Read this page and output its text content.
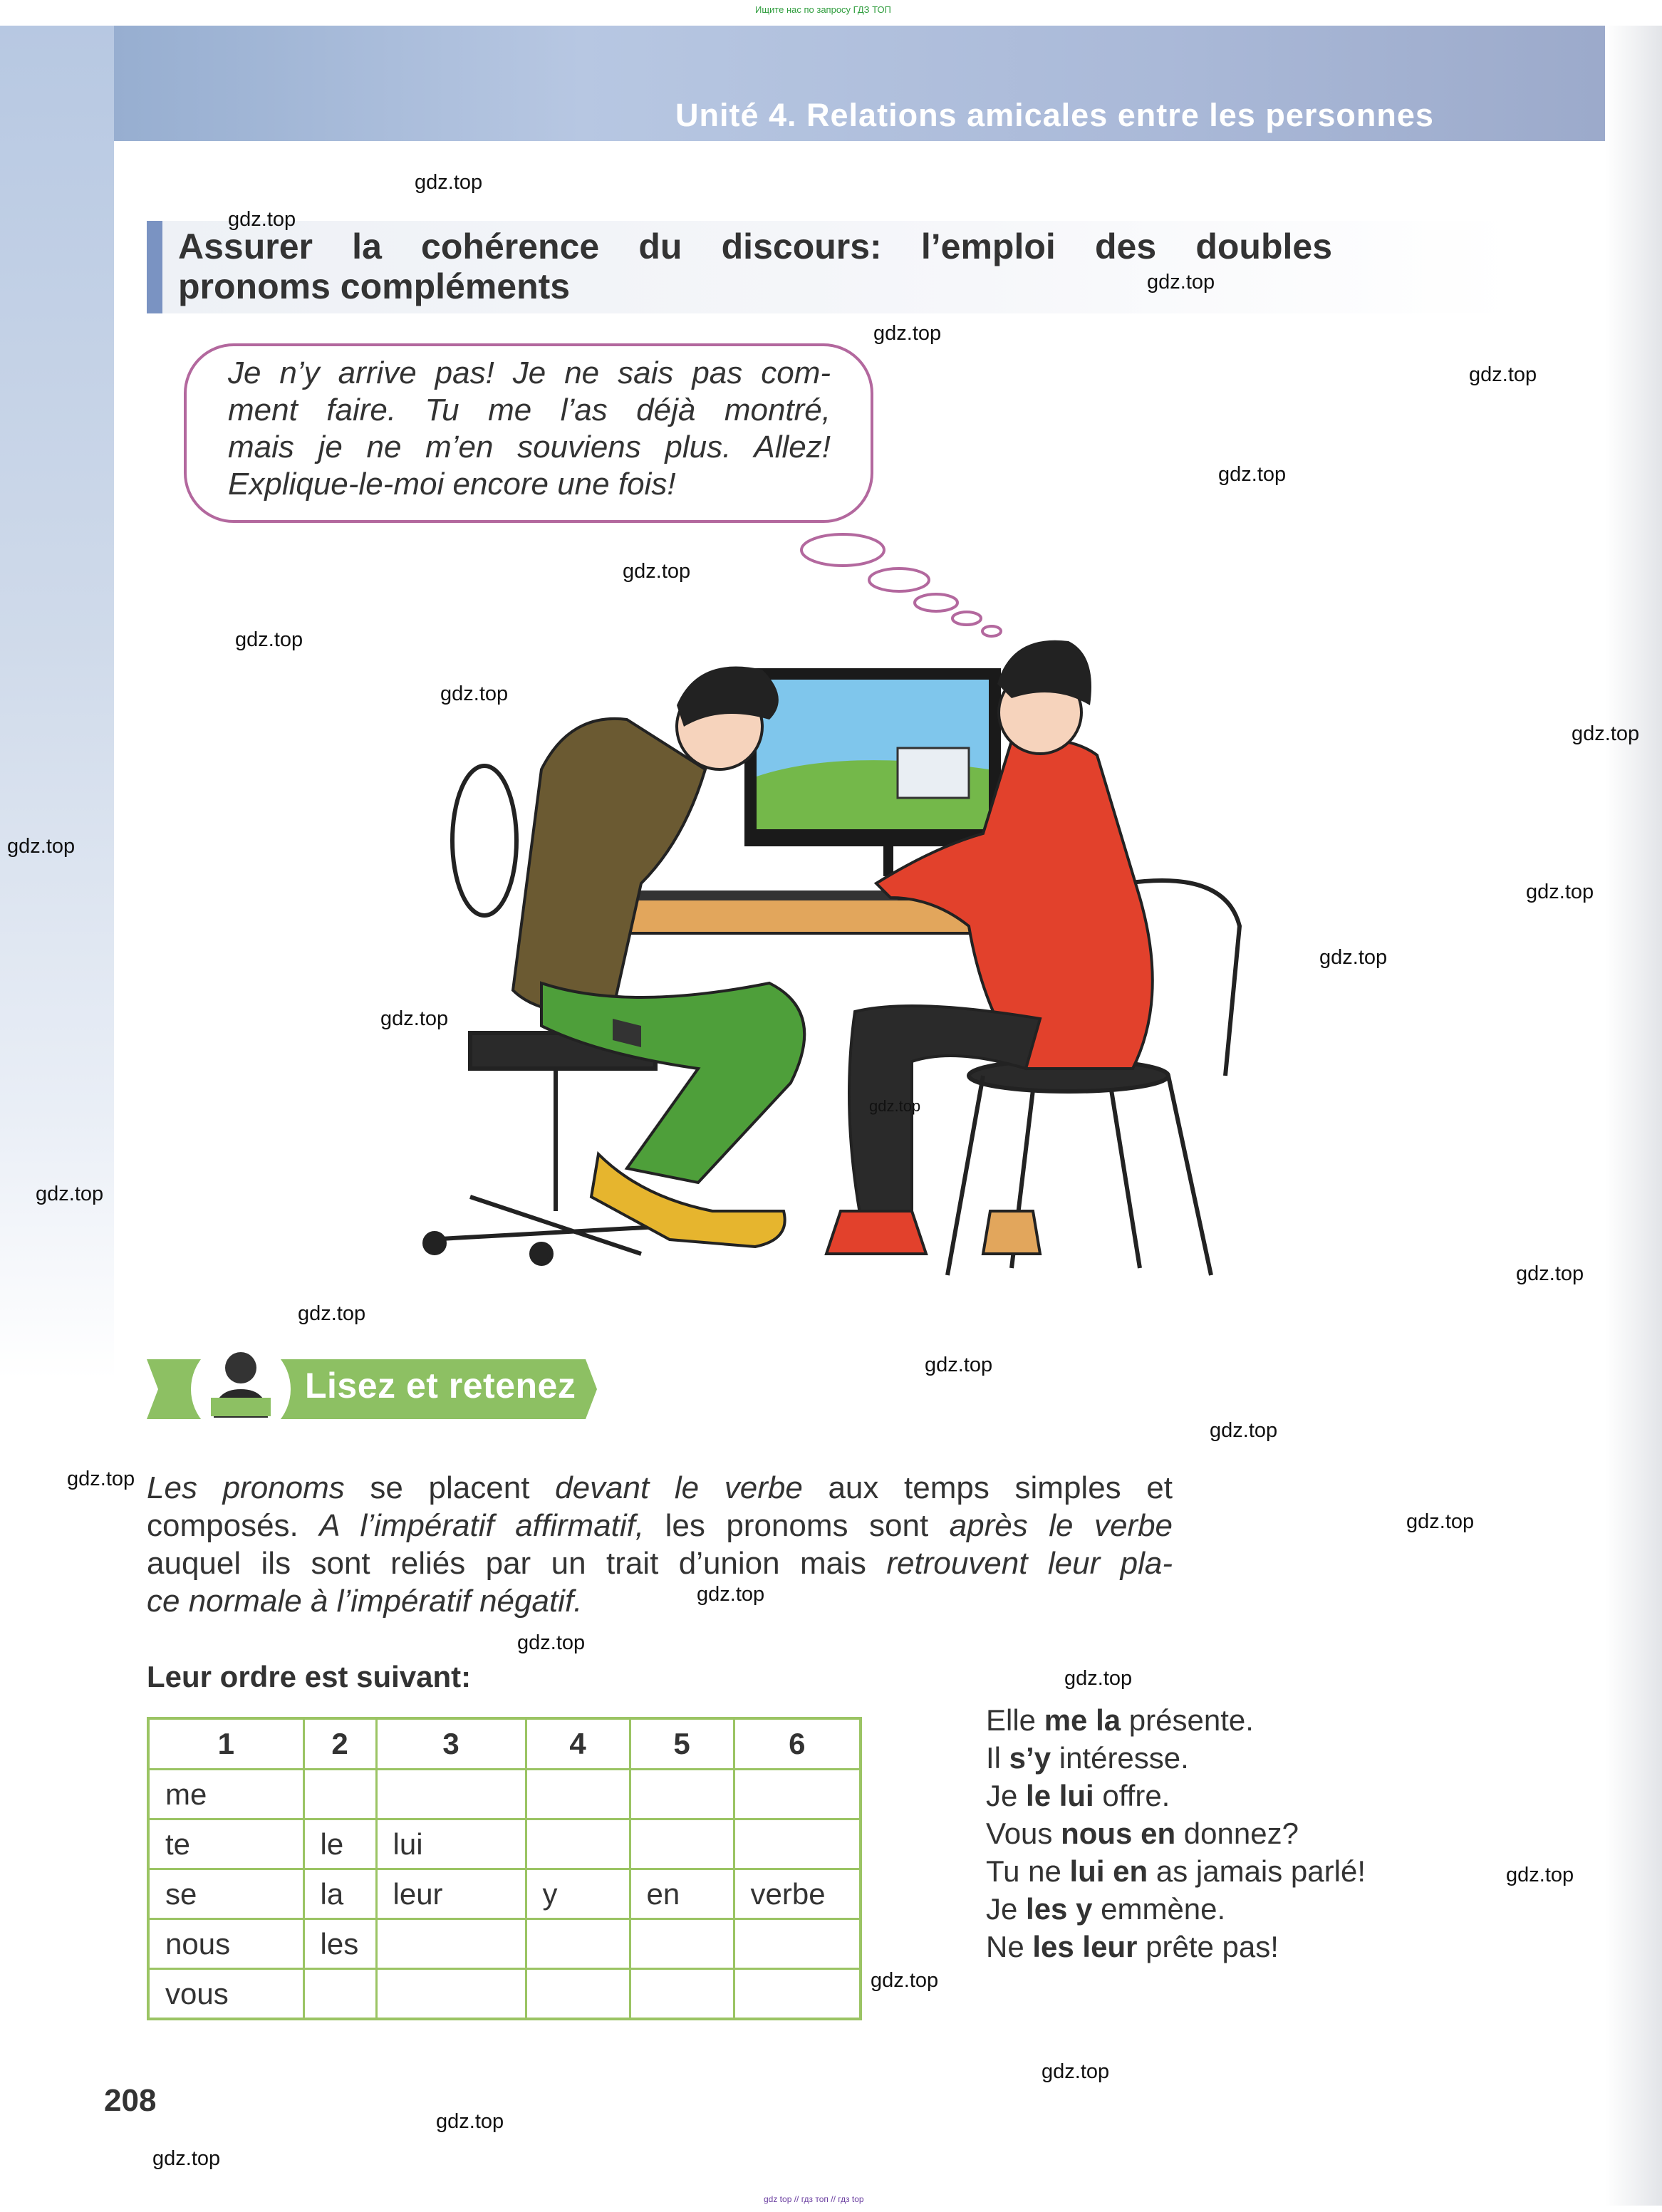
Ищите нас по запросу ГДЗ ТОП
Unité 4. Relations amicales entre les personnes
Assurer la cohérence du discours: l’emploi des doubles
pronoms compléments
Je n’y arrive pas! Je ne sais pas com-
ment faire. Tu me l’as déjà montré,
mais je ne m’en souviens plus. Allez!
Explique-le-moi encore une fois!
Lisez et retenez
Les pronoms se placent devant le verbe aux temps simples et
composés. A l’impératif affirmatif, les pronoms sont après le verbe
auquel ils sont reliés par un trait d’union mais retrouvent leur pla-
ce normale à l’impératif négatif.
Leur ordre est suivant:
1	2	3	4	5	6
me					
te	le	lui			
se	la	leur	y	en	verbe
nous	les				
vous					
Elle me la présente.
Il s’y intéresse.
Je le lui offre.
Vous nous en donnez?
Tu ne lui en as jamais parlé!
Je les y emmène.
Ne les leur prête pas!
208
gdz top // гдз топ // гдз top
gdz.top
gdz.top
gdz.top
gdz.top
gdz.top
gdz.top
gdz.top
gdz.top
gdz.top
gdz.top
gdz.top
gdz.top
gdz.top
gdz.top
gdz.top
gdz.top
gdz.top
gdz.top
gdz.top
gdz.top
gdz.top
gdz.top
gdz.top
gdz.top
gdz.top
gdz.top
gdz.top
gdz.top
gdz.top
gdz.top
